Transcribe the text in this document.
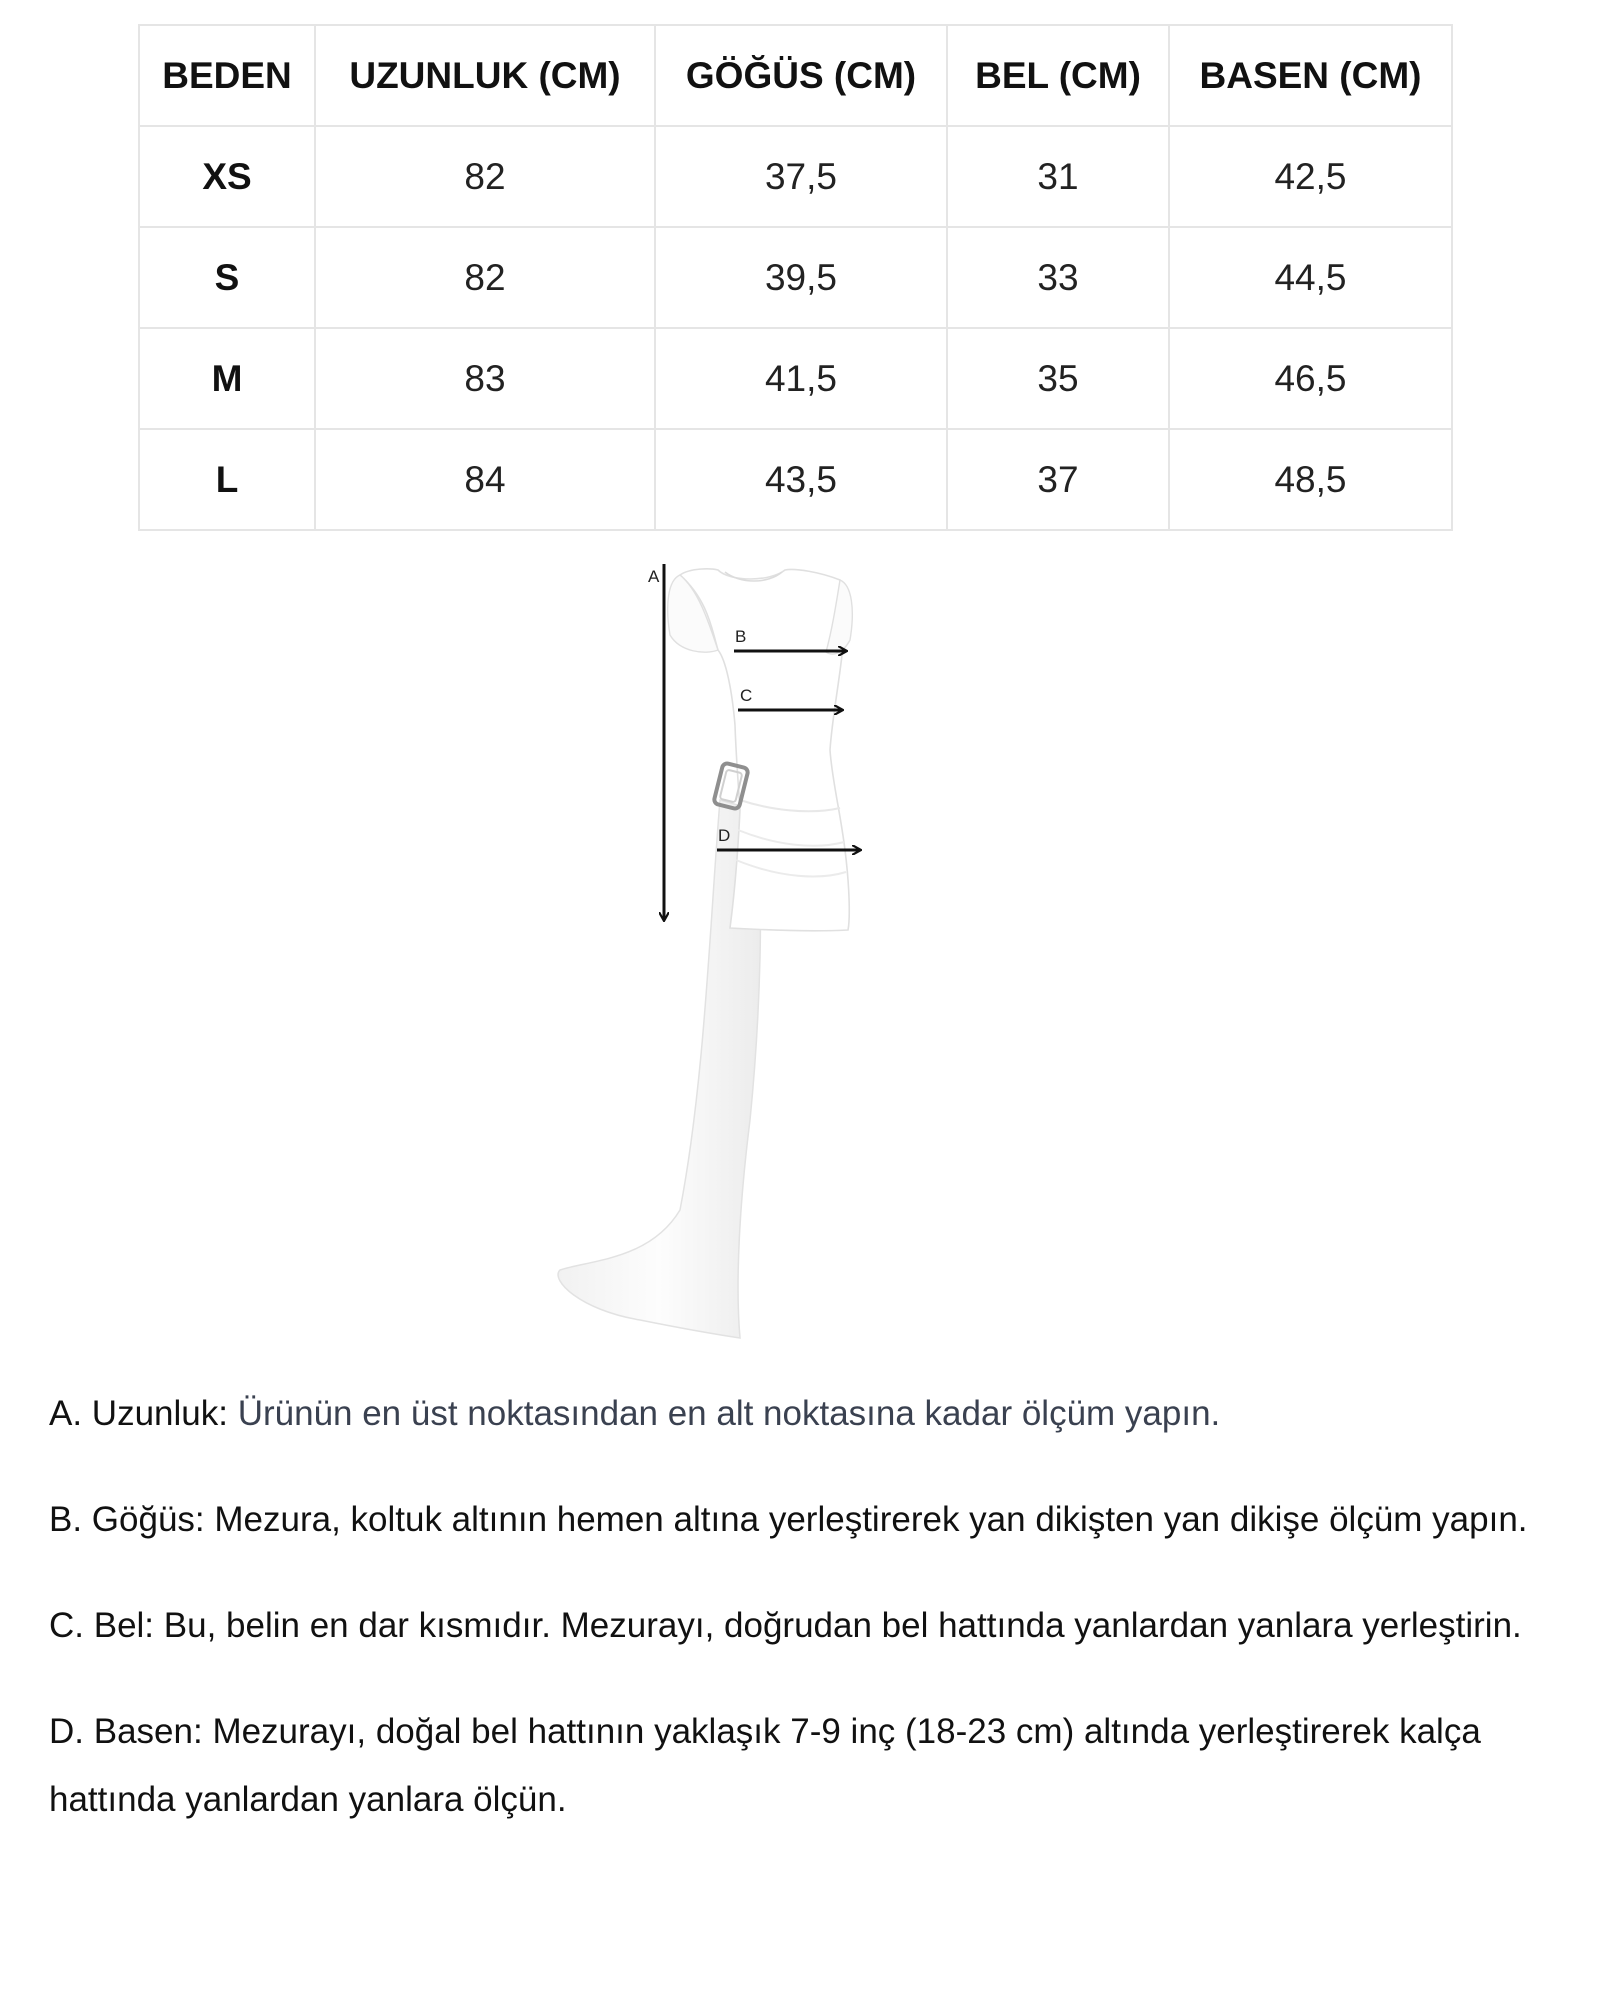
BEDEN	UZUNLUK (CM)	GÖĞÜS (CM)	BEL (CM)	BASEN (CM)
XS	82	37,5	31	42,5
S	82	39,5	33	44,5
M	83	41,5	35	46,5
L	84	43,5	37	48,5
A
B
C
D

A. Uzunluk: Ürünün en üst noktasından en alt noktasına kadar ölçüm yapın.

B. Göğüs: Mezura, koltuk altının hemen altına yerleştirerek yan dikişten yan dikişe ölçüm yapın.

C. Bel: Bu, belin en dar kısmıdır. Mezurayı, doğrudan bel hattında yanlardan yanlara yerleştirin.

D. Basen: Mezurayı, doğal bel hattının yaklaşık 7-9 inç (18-23 cm) altında yerleştirerek kalça hattında yanlardan yanlara ölçün.
